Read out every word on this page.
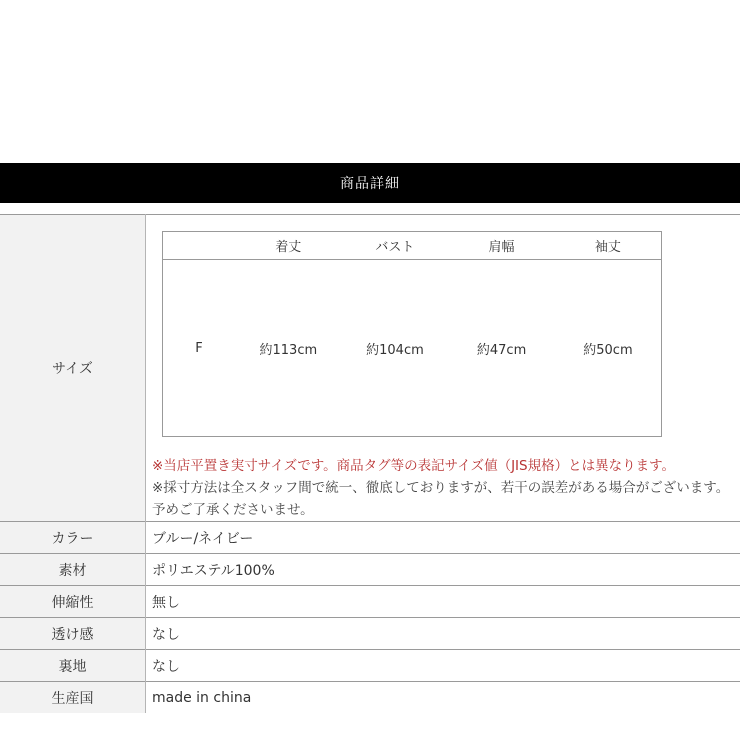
商品詳細
サイズ	
	着丈	バスト	肩幅	袖丈
F	約113cm	約104cm	約47cm	約50cm
※当店平置き実寸サイズです。商品タグ等の表記サイズ値（JIS規格）とは異なります。
※採寸方法は全スタッフ間で統一、徹底しておりますが、若干の誤差がある場合がございます。予めご了承くださいませ。

カラー	ブルー/ネイビー
素材	ポリエステル100%
伸縮性	無し
透け感	なし
裏地	なし
生産国	made in china
